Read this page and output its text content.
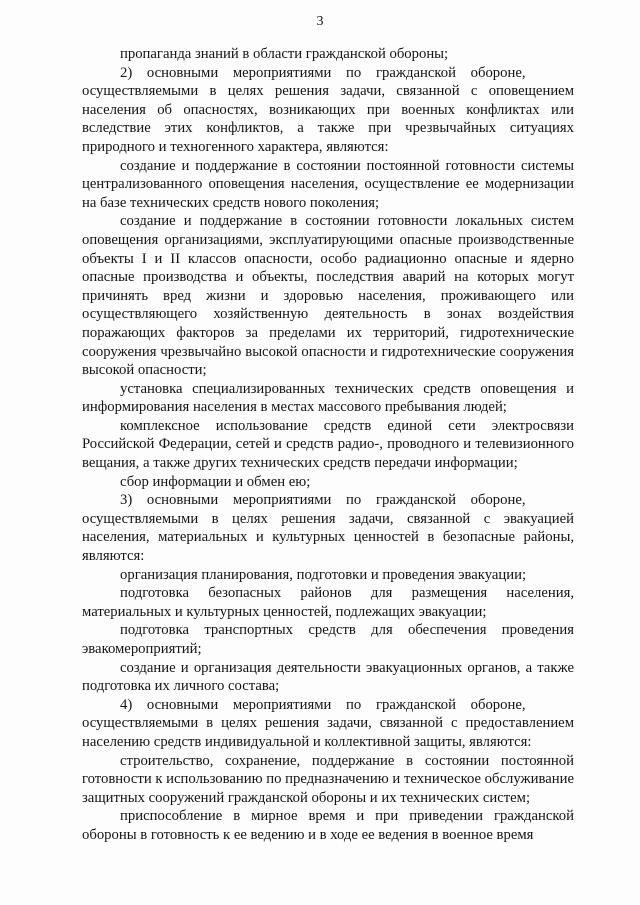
3

пропаганда знаний в области гражданской обороны;

2) основными мероприятиями по гражданской обороне, осуществляемыми в целях решения задачи, связанной с оповещением населения об опасностях, возникающих при военных конфликтах или вследствие этих конфликтов, а также при чрезвычайных ситуациях природного и техногенного характера, являются:

создание и поддержание в состоянии постоянной готовности системы централизованного оповещения населения, осуществление ее модернизации на базе технических средств нового поколения;

создание и поддержание в состоянии готовности локальных систем оповещения организациями, эксплуатирующими опасные производственные объекты I и II классов опасности, особо радиационно опасные и ядерно опасные производства и объекты, последствия аварий на которых могут причинять вред жизни и здоровью населения, проживающего или осуществляющего хозяйственную деятельность в зонах воздействия поражающих факторов за пределами их территорий, гидротехнические сооружения чрезвычайно высокой опасности и гидротехнические сооружения высокой опасности;

установка специализированных технических средств оповещения и информирования населения в местах массового пребывания людей;

комплексное использование средств единой сети электросвязи Российской Федерации, сетей и средств радио-, проводного и телевизионного вещания, а также других технических средств передачи информации;

сбор информации и обмен ею;

3) основными мероприятиями по гражданской обороне, осуществляемыми в целях решения задачи, связанной с эвакуацией населения, материальных и культурных ценностей в безопасные районы, являются:

организация планирования, подготовки и проведения эвакуации;

подготовка безопасных районов для размещения населения, материальных и культурных ценностей, подлежащих эвакуации;

подготовка транспортных средств для обеспечения проведения эвакомероприятий;

создание и организация деятельности эвакуационных органов, а также подготовка их личного состава;

4) основными мероприятиями по гражданской обороне, осуществляемыми в целях решения задачи, связанной с предоставлением населению средств индивидуальной и коллективной защиты, являются:

строительство, сохранение, поддержание в состоянии постоянной готовности к использованию по предназначению и техническое обслуживание защитных сооружений гражданской обороны и их технических систем;

приспособление в мирное время и при приведении гражданской обороны в готовность к ее ведению и в ходе ее ведения в военное время
